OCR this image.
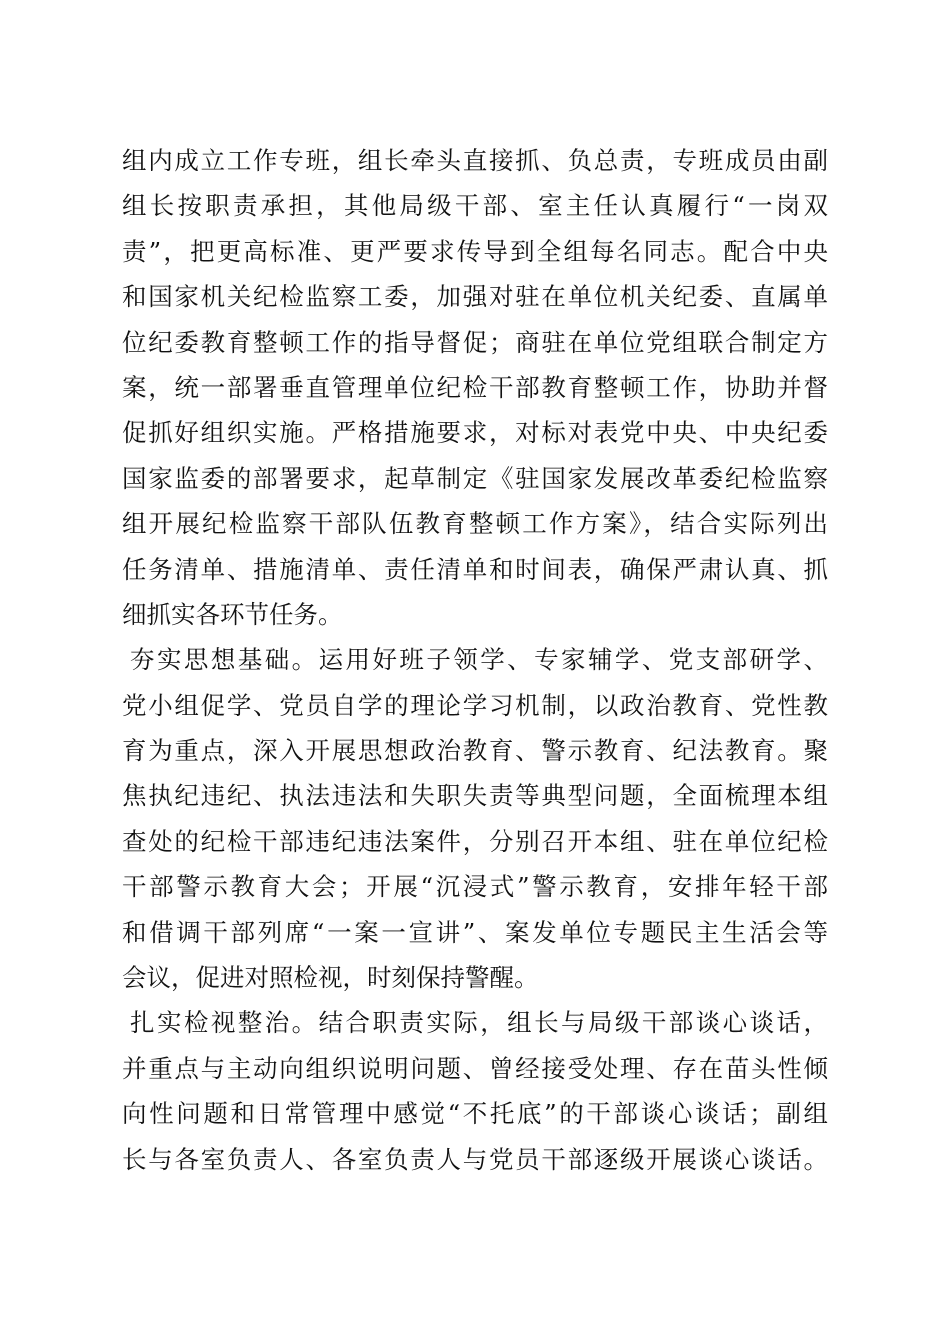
组内成立工作专班，组长牵头直接抓、负总责，专班成员由副
组长按职责承担，其他局级干部、室主任认真履行“一岗双
责”，把更高标准、更严要求传导到全组每名同志。配合中央
和国家机关纪检监察工委，加强对驻在单位机关纪委、直属单
位纪委教育整顿工作的指导督促；商驻在单位党组联合制定方
案，统一部署垂直管理单位纪检干部教育整顿工作，协助并督
促抓好组织实施。严格措施要求，对标对表党中央、中央纪委
国家监委的部署要求，起草制定《驻国家发展改革委纪检监察
组开展纪检监察干部队伍教育整顿工作方案》，结合实际列出
任务清单、措施清单、责任清单和时间表，确保严肃认真、抓
细抓实各环节任务。
夯实思想基础。运用好班子领学、专家辅学、党支部研学、
党小组促学、党员自学的理论学习机制，以政治教育、党性教
育为重点，深入开展思想政治教育、警示教育、纪法教育。聚
焦执纪违纪、执法违法和失职失责等典型问题，全面梳理本组
查处的纪检干部违纪违法案件，分别召开本组、驻在单位纪检
干部警示教育大会；开展“沉浸式”警示教育，安排年轻干部
和借调干部列席“一案一宣讲”、案发单位专题民主生活会等
会议，促进对照检视，时刻保持警醒。
扎实检视整治。结合职责实际，组长与局级干部谈心谈话，
并重点与主动向组织说明问题、曾经接受处理、存在苗头性倾
向性问题和日常管理中感觉“不托底”的干部谈心谈话；副组
长与各室负责人、各室负责人与党员干部逐级开展谈心谈话。
